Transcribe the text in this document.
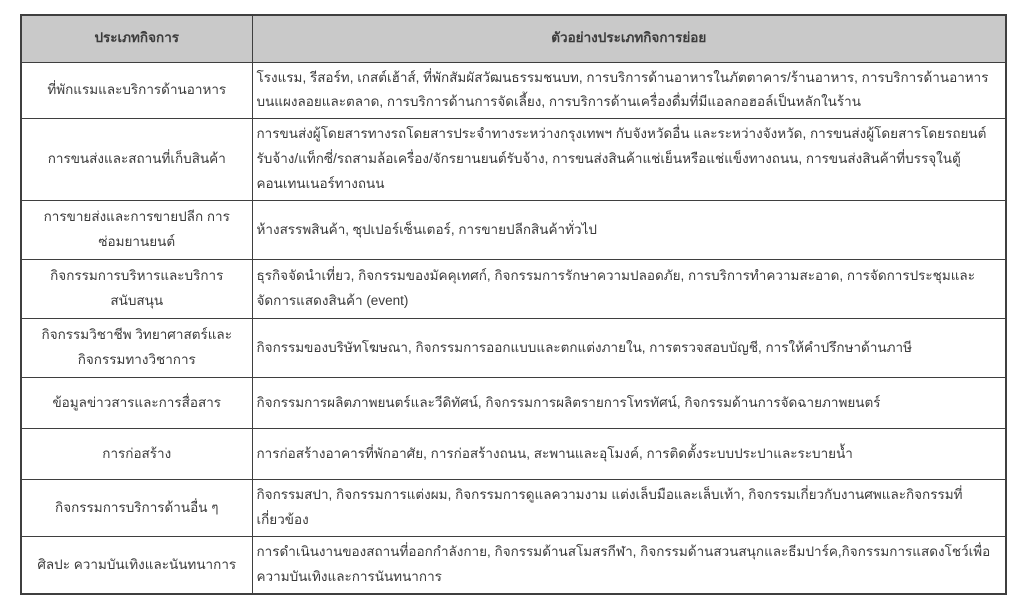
ประเภทกิจการ	ตัวอย่างประเภทกิจการย่อย
ที่พักแรมและบริการด้านอาหาร	โรงแรม, รีสอร์ท, เกสต์เฮ้าส์, ที่พักสัมผัสวัฒนธรรมชนบท, การบริการด้านอาหารในภัตตาคาร/ร้านอาหาร, การบริการด้านอาหารบนแผงลอยและตลาด, การบริการด้านการจัดเลี้ยง, การบริการด้านเครื่องดื่มที่มีแอลกอฮอล์เป็นหลักในร้าน
การขนส่งและสถานที่เก็บสินค้า	การขนส่งผู้โดยสารทางรถโดยสารประจำทางระหว่างกรุงเทพฯ กับจังหวัดอื่น และระหว่างจังหวัด, การขนส่งผู้โดยสารโดยรถยนต์รับจ้าง/แท็กซี่/รถสามล้อเครื่อง/จักรยานยนต์รับจ้าง, การขนส่งสินค้าแช่เย็นหรือแช่แข็งทางถนน, การขนส่งสินค้าที่บรรจุในตู้คอนเทนเนอร์ทางถนน
การขายส่งและการขายปลีก การซ่อมยานยนต์	ห้างสรรพสินค้า, ซุปเปอร์เซ็นเตอร์, การขายปลีกสินค้าทั่วไป
กิจกรรมการบริหารและบริการสนับสนุน	ธุรกิจจัดนำเที่ยว, กิจกรรมของมัคคุเทศก์, กิจกรรมการรักษาความปลอดภัย, การบริการทำความสะอาด, การจัดการประชุมและจัดการแสดงสินค้า (event)
กิจกรรมวิชาชีพ วิทยาศาสตร์และกิจกรรมทางวิชาการ	กิจกรรมของบริษัทโฆษณา, กิจกรรมการออกแบบและตกแต่งภายใน, การตรวจสอบบัญชี, การให้คำปรึกษาด้านภาษี
ข้อมูลข่าวสารและการสื่อสาร	กิจกรรมการผลิตภาพยนตร์และวีดิทัศน์, กิจกรรมการผลิตรายการโทรทัศน์, กิจกรรมด้านการจัดฉายภาพยนตร์
การก่อสร้าง	การก่อสร้างอาคารที่พักอาศัย, การก่อสร้างถนน, สะพานและอุโมงค์, การติดตั้งระบบประปาและระบายน้ำ
กิจกรรมการบริการด้านอื่น ๆ	กิจกรรมสปา, กิจกรรมการแต่งผม, กิจกรรมการดูแลความงาม แต่งเล็บมือและเล็บเท้า, กิจกรรมเกี่ยวกับงานศพและกิจกรรมที่เกี่ยวข้อง
ศิลปะ ความบันเทิงและนันทนาการ	การดำเนินงานของสถานที่ออกกำลังกาย, กิจกรรมด้านสโมสรกีฬา, กิจกรรมด้านสวนสนุกและธีมปาร์ค,กิจกรรมการแสดงโชว์เพื่อความบันเทิงและการนันทนาการ
